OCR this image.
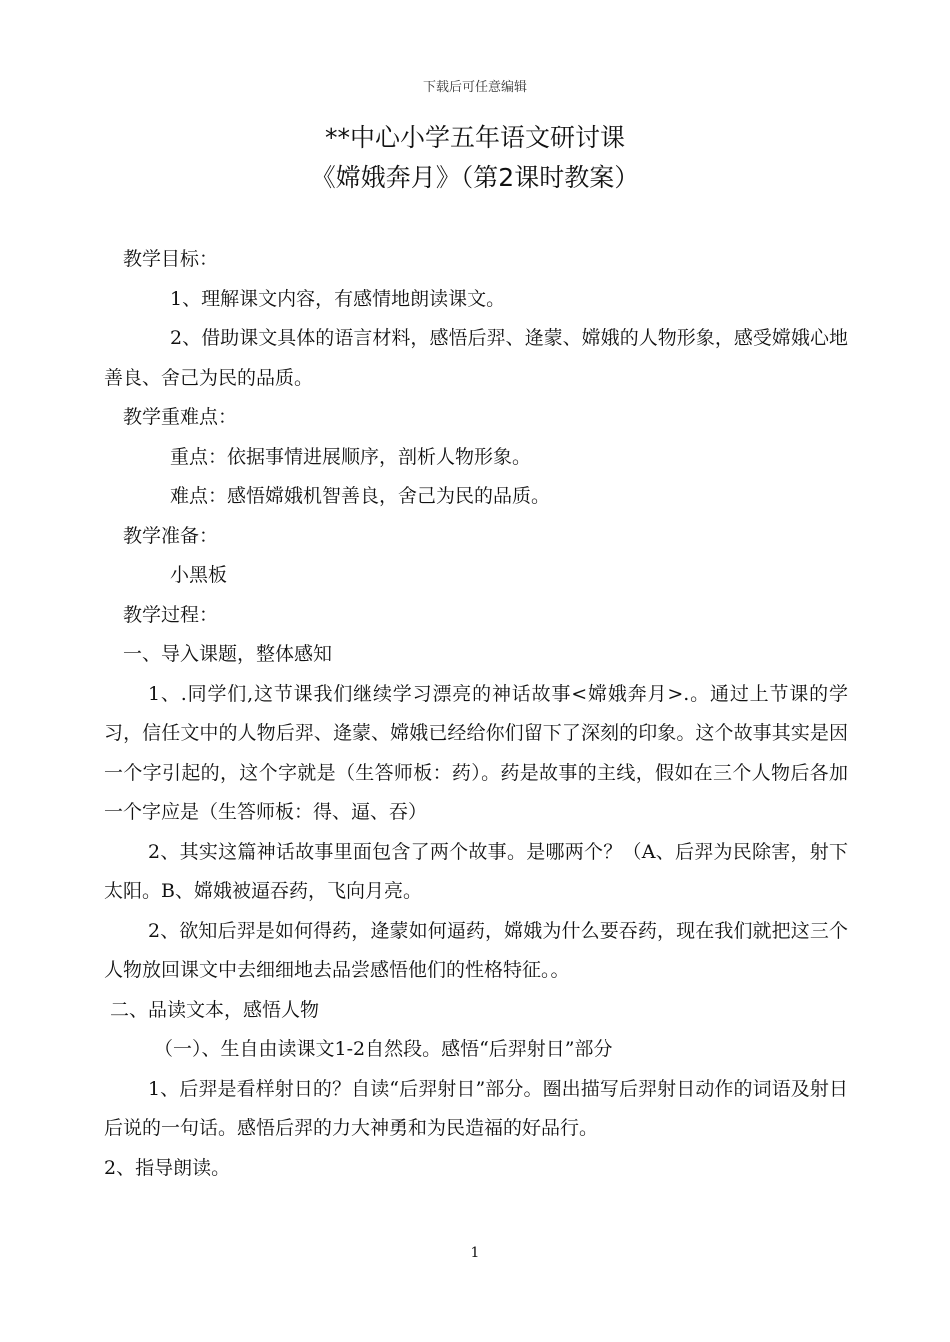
下载后可任意编辑
**中心小学五年语文研讨课
《嫦娥奔月》（第2课时教案）

教学目标：

1、理解课文内容，有感情地朗读课文。

2、借助课文具体的语言材料，感悟后羿、逄蒙、嫦娥的人物形象，感受嫦娥心地善良、舍己为民的品质。

教学重难点：

重点：依据事情进展顺序，剖析人物形象。

难点：感悟嫦娥机智善良，舍己为民的品质。

教学准备：

小黑板

教学过程：

一、导入课题，整体感知

1、.同学们,这节课我们继续学习漂亮的神话故事<嫦娥奔月>.。通过上节课的学习，信任文中的人物后羿、逄蒙、嫦娥已经给你们留下了深刻的印象。这个故事其实是因一个字引起的，这个字就是（生答师板：药）。药是故事的主线，假如在三个人物后各加一个字应是（生答师板：得、逼、吞）

2、其实这篇神话故事里面包含了两个故事。是哪两个？（A、后羿为民除害，射下太阳。B、嫦娥被逼吞药，飞向月亮。

2、欲知后羿是如何得药，逄蒙如何逼药，嫦娥为什么要吞药，现在我们就把这三个人物放回课文中去细细地去品尝感悟他们的性格特征。。

二、品读文本，感悟人物

（一）、生自由读课文1-2自然段。感悟“后羿射日”部分

1、后羿是看样射日的？自读“后羿射日”部分。圈出描写后羿射日动作的词语及射日后说的一句话。感悟后羿的力大神勇和为民造福的好品行。

2、指导朗读。

1
